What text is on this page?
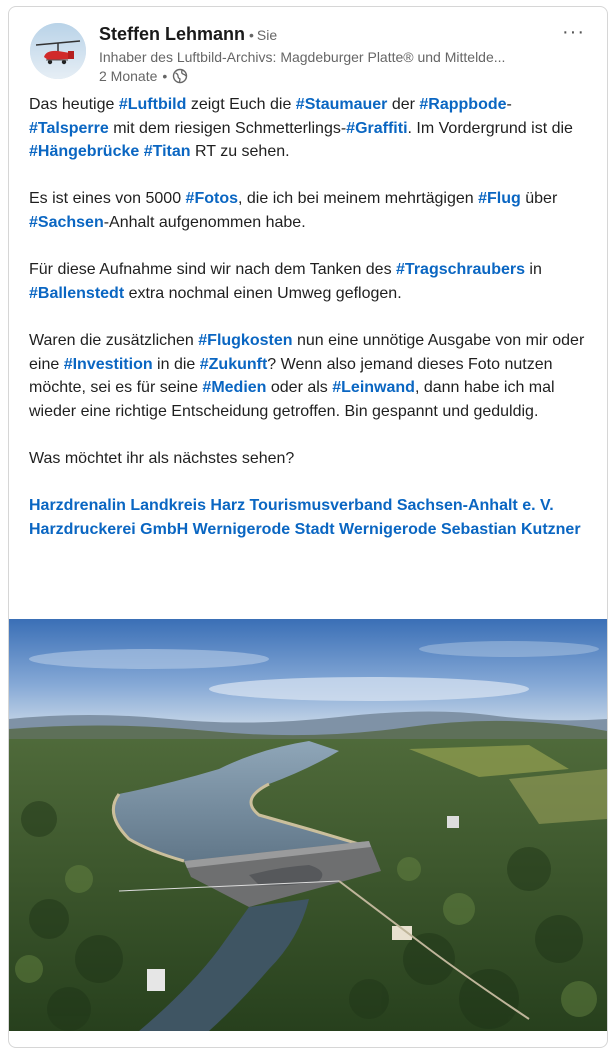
Steffen Lehmann • Sie
Inhaber des Luftbild-Archivs: Magdeburger Platte® und Mittelde...
2 Monate •
···

Das heutige #Luftbild zeigt Euch die #Staumauer der #Rappbode-
#Talsperre mit dem riesigen Schmetterlings-#Graffiti. Im Vordergrund ist die #Hängebrücke #Titan RT zu sehen.

Es ist eines von 5000 #Fotos, die ich bei meinem mehrtägigen #Flug über #Sachsen-Anhalt aufgenommen habe.

Für diese Aufnahme sind wir nach dem Tanken des #Tragschraubers in #Ballenstedt extra nochmal einen Umweg geflogen.

Waren die zusätzlichen #Flugkosten nun eine unnötige Ausgabe von mir oder eine #Investition in die #Zukunft? Wenn also jemand dieses Foto nutzen möchte, sei es für seine #Medien oder als #Leinwand, dann habe ich mal wieder eine richtige Entscheidung getroffen. Bin gespannt und geduldig.

Was möchtet ihr als nächstes sehen?

Harzdrenalin Landkreis Harz Tourismusverband Sachsen-Anhalt e. V. Harzdruckerei GmbH Wernigerode Stadt Wernigerode Sebastian Kutzner
